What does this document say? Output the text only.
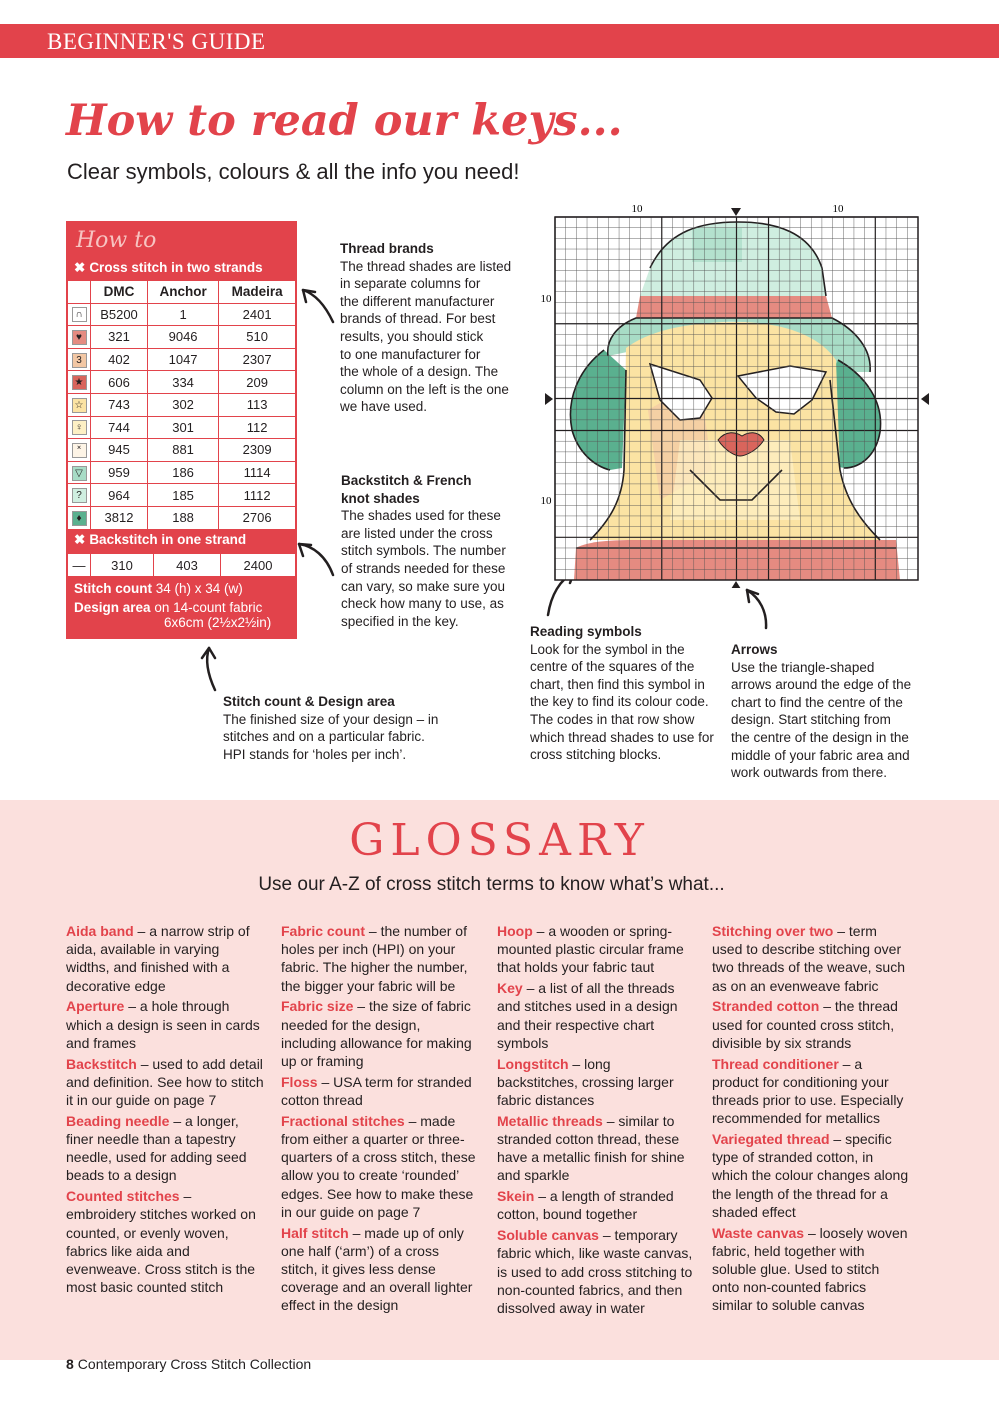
BEGINNER'S GUIDE
How to read our keys...
Clear symbols, colours & all the info you need!
How to
✖ Cross stitch in two strands
	DMC	Anchor	Madeira
∩	B5200	1	2401
♥	321	9046	510
3	402	1047	2307
★	606	334	209
☆	743	302	113
♀	744	301	112
˟	945	881	2309
▽	959	186	1114
?	964	185	1112
♦	3812	188	2706
✖ Backstitch in one strand
—	310	403	2400
Stitch count 34 (h) x 34 (w)
Design area on 14-count fabric
6x6cm (2½x2½in)
10	10
10
10
Thread brands
The thread shades are listed
in separate columns for
the different manufacturer
brands of thread. For best
results, you should stick
to one manufacturer for
the whole of a design. The
column on the left is the one
we have used.
Backstitch & French
knot shades
The shades used for these
are listed under the cross
stitch symbols. The number
of strands needed for these
can vary, so make sure you
check how many to use, as
specified in the key.
Stitch count & Design area
The finished size of your design – in
stitches and on a particular fabric.
HPI stands for ‘holes per inch’.
Reading symbols
Look for the symbol in the
centre of the squares of the
chart, then find this symbol in
the key to find its colour code.
The codes in that row show
which thread shades to use for
cross stitching blocks.
Arrows
Use the triangle-shaped
arrows around the edge of the
chart to find the centre of the
design. Start stitching from
the centre of the design in the
middle of your fabric area and
work outwards from there.
GLOSSARY
Use our A-Z of cross stitch terms to know what’s what...

Aida band – a narrow strip of aida, available in varying widths, and finished with a decorative edge

Aperture – a hole through which a design is seen in cards and frames

Backstitch – used to add detail and definition. See how to stitch it in our guide on page 7

Beading needle – a longer, finer needle than a tapestry needle, used for adding seed beads to a design

Counted stitches – embroidery stitches worked on counted, or evenly woven, fabrics like aida and evenweave. Cross stitch is the most basic counted stitch

Fabric count – the number of holes per inch (HPI) on your fabric. The higher the number, the bigger your fabric will be

Fabric size – the size of fabric needed for the design, including allowance for making up or framing

Floss – USA term for stranded cotton thread

Fractional stitches – made from either a quarter or three-quarters of a cross stitch, these allow you to create ‘rounded’ edges. See how to make these in our guide on page 7

Half stitch – made up of only one half (‘arm’) of a cross stitch, it gives less dense coverage and an overall lighter effect in the design

Hoop – a wooden or spring-mounted plastic circular frame that holds your fabric taut

Key – a list of all the threads and stitches used in a design and their respective chart symbols

Longstitch – long backstitches, crossing larger fabric distances

Metallic threads – similar to stranded cotton thread, these have a metallic finish for shine and sparkle

Skein – a length of stranded cotton, bound together

Soluble canvas – temporary fabric which, like waste canvas, is used to add cross stitching to non-counted fabrics, and then dissolved away in water

Stitching over two – term used to describe stitching over two threads of the weave, such as on an evenweave fabric

Stranded cotton – the thread used for counted cross stitch, divisible by six strands

Thread conditioner – a product for conditioning your threads prior to use. Especially recommended for metallics

Variegated thread – specific type of stranded cotton, in which the colour changes along the length of the thread for a shaded effect

Waste canvas – loosely woven fabric, held together with soluble glue. Used to stitch onto non-counted fabrics similar to soluble canvas

8 Contemporary Cross Stitch Collection
